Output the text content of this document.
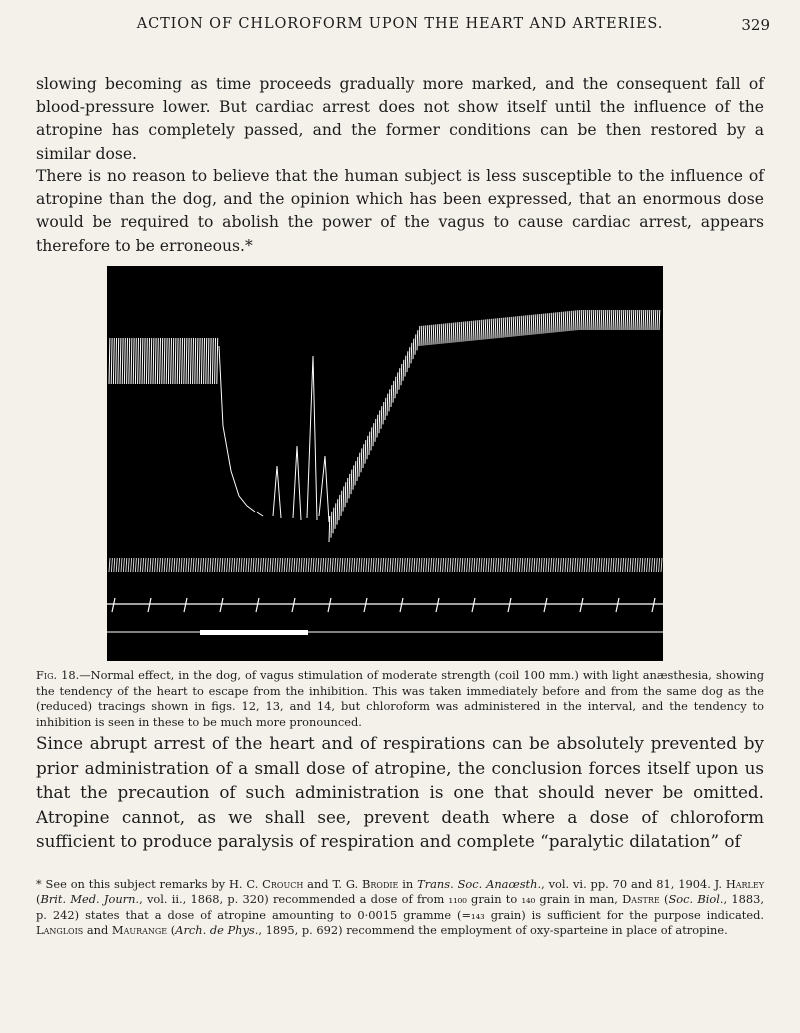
ACTION OF CHLOROFORM UPON THE HEART AND ARTERIES.	329

slowing becoming as time proceeds gradually more marked, and the consequent fall of blood-pressure lower. But cardiac arrest does not show itself until the influence of the atropine has completely passed, and the former conditions can be then restored by a similar dose.

There is no reason to believe that the human subject is less susceptible to the influence of atropine than the dog, and the opinion which has been expressed, that an enormous dose would be required to abolish the power of the vagus to cause cardiac arrest, appears therefore to be erroneous.*

Fig. 18.—Normal effect, in the dog, of vagus stimulation of moderate strength (coil 100 mm.) with light anæsthesia, showing the tendency of the heart to escape from the inhibition. This was taken immediately before and from the same dog as the (reduced) tracings shown in figs. 12, 13, and 14, but chloroform was administered in the interval, and the tendency to inhibition is seen in these to be much more pronounced.

Since abrupt arrest of the heart and of respirations can be absolutely prevented by prior administration of a small dose of atropine, the conclusion forces itself upon us that the precaution of such administration is one that should never be omitted. Atropine cannot, as we shall see, prevent death where a dose of chloroform sufficient to produce paralysis of respiration and complete “paralytic dilatation” of

* See on this subject remarks by H. C. Crouch and T. G. Brodie in Trans. Soc. Anaœsth., vol. vi. pp. 70 and 81, 1904. J. Harley (Brit. Med. Journ., vol. ii., 1868, p. 320) recommended a dose of from ₁₁₀₀ grain to ₁₄₀ grain in man, Dastre (Soc. Biol., 1883, p. 242) states that a dose of atropine amounting to 0·0015 gramme (=₁₄₃ grain) is sufficient for the purpose indicated. Langlois and Maurange (Arch. de Phys., 1895, p. 692) recommend the employment of oxy-sparteine in place of atropine.
